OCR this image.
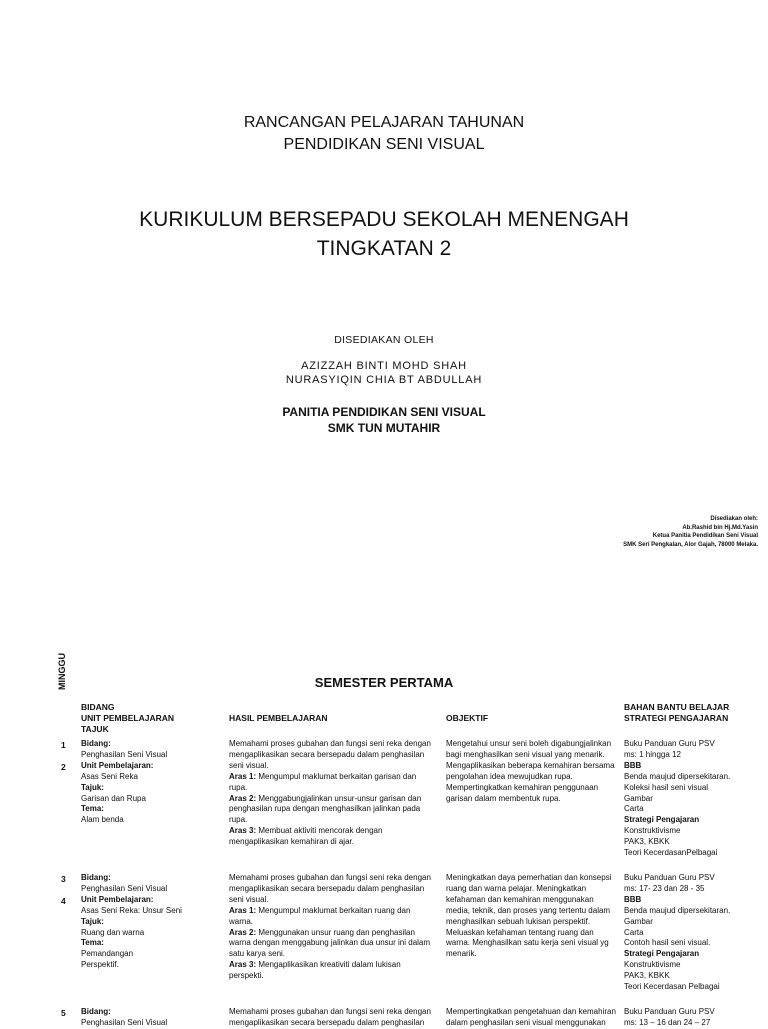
RANCANGAN PELAJARAN TAHUNAN
PENDIDIKAN SENI VISUAL
KURIKULUM BERSEPADU SEKOLAH MENENGAH
TINGKATAN 2
DISEDIAKAN OLEH
AZIZZAH BINTI MOHD SHAH
NURASYIQIN CHIA BT ABDULLAH
PANITIA PENDIDIKAN SENI VISUAL
SMK TUN MUTAHIR
Disediakan oleh:
Ab.Rashid bin Hj.Md.Yasin
Ketua Panitia Pendidikan Seni Visual
SMK Seri Pengkalan, Alor Gajah, 78000 Melaka.
SEMESTER PERTAMA
MINGGU
BIDANG
UNIT PEMBELAJARAN
TAJUK
HASIL PEMBELAJARAN	OBJEKTIF
BAHAN BANTU BELAJAR
STRATEGI PENGAJARAN
1
2
Bidang:
Penghasilan Seni Visual
Unit Pembelajaran:
Asas Seni Reka
Tajuk:
Garisan dan Rupa
Tema:
Alam benda
Memahami proses gubahan dan fungsi seni reka dengan mengaplikasikan secara bersepadu dalam penghasilan seni visual.
Aras 1: Mengumpul maklumat berkaitan garisan dan rupa.
Aras 2: Menggabungjalinkan unsur-unsur garisan dan penghasilan rupa dengan menghasilkan jalinkan pada rupa.
Aras 3: Membuat aktiviti mencorak dengan mengaplikasikan kemahiran di ajar.
Mengetahui unsur seni boleh digabungjalinkan bagi menghasilkan seni visual yang menarik. Mengaplikasikan beberapa kemahiran bersama pengolahan idea mewujudkan rupa. Mempertingkatkan kemahiran penggunaan garisan dalam membentuk rupa.
Buku Panduan Guru PSV
ms: 1 hingga 12
BBB
Benda maujud dipersekitaran.
Koleksi hasil seni visual
Gambar
Carta
Strategi Pengajaran
Konstruktivisme
PAK3, KBKK
Teori KecerdasanPelbagai
3
4
Bidang:
Penghasilan Seni Visual
Unit Pembelajaran:
Asas Seni Reka: Unsur Seni
Tajuk:
Ruang dan warna
Tema:
Pemandangan
Perspektif.
Memahami proses gubahan dan fungsi seni reka dengan mengaplikasikan secara bersepadu dalam penghasilan seni visual.
Aras 1: Mengumpul maklumat berkaitan ruang dan warna.
Aras 2: Menggunakan unsur ruang dan penghasilan warna dengan menggabung jalinkan dua unsur ini dalam satu karya seni.
Aras 3: Mengaplikasikan kreativiti dalam lukisan perspekti.
Meningkatkan daya pemerhatian dan konsepsi ruang dan warna pelajar. Meningkatkan kefahaman dan kemahiran menggunakan media, teknik, dan proses yang tertentu dalam menghasilkan sebuah lukisan perspektif. Meluaskan kefahaman tentang ruang dan warna. Menghasilkan satu kerja seni visual yg menarik.
Buku Panduan Guru PSV
ms: 17- 23 dan 28 - 35
BBB
Benda maujud dipersekitaran.
Gambar
Carta
Contoh hasil seni visual.
Strategi Pengajaran
Konstruktivisme
PAK3, KBKK
Teori Kecerdasan Pelbagai
5 Bidang:
Penghasilan Seni Visual
Memahami proses gubahan dan fungsi seni reka dengan mengaplikasikan secara bersepadu dalam penghasilan
Mempertingkatkan pengetahuan dan kemahiran dalam penghasilan seni visual menggunakan
Buku Panduan Guru PSV
ms: 13 – 16 dan 24 – 27
